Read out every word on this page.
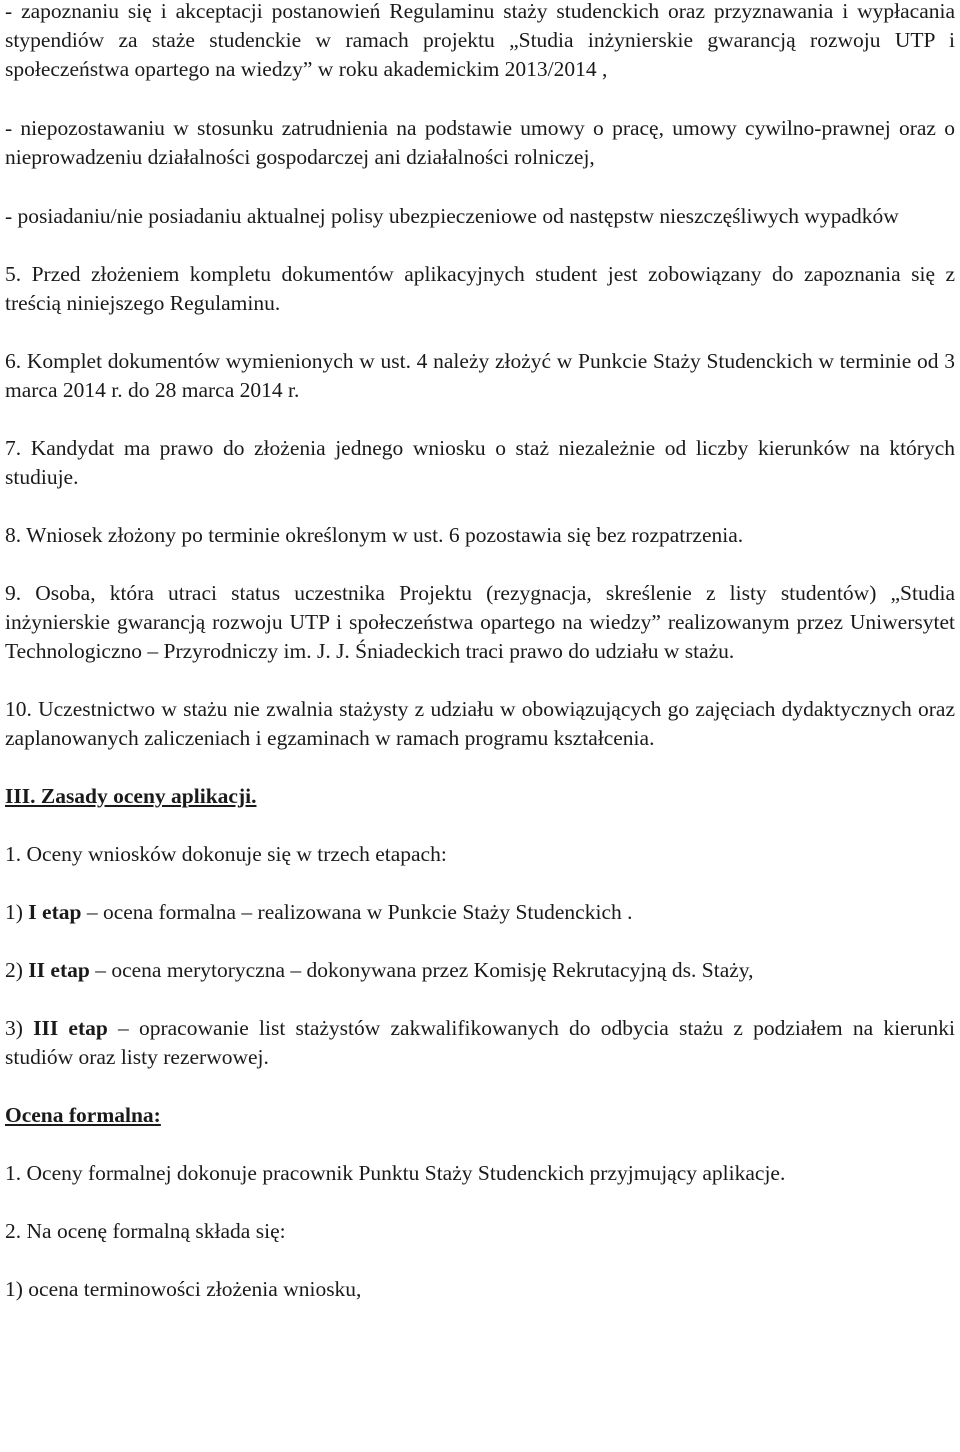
- zapoznaniu się i akceptacji postanowień Regulaminu staży studenckich oraz przyznawania i wypłacania stypendiów za staże studenckie w ramach projektu „Studia inżynierskie gwarancją rozwoju UTP i społeczeństwa opartego na wiedzy” w roku akademickim 2013/2014 ,

- niepozostawaniu w stosunku zatrudnienia na podstawie umowy o pracę, umowy cywilno-prawnej oraz o nieprowadzeniu działalności gospodarczej ani działalności rolniczej,

- posiadaniu/nie posiadaniu aktualnej polisy ubezpieczeniowe od następstw nieszczęśliwych wypadków

5. Przed złożeniem kompletu dokumentów aplikacyjnych student jest zobowiązany do zapoznania się z treścią niniejszego Regulaminu.

6. Komplet dokumentów wymienionych w ust. 4 należy złożyć w Punkcie Staży Studenckich w terminie od 3 marca 2014 r. do 28 marca 2014 r.

7. Kandydat ma prawo do złożenia jednego wniosku o staż niezależnie od liczby kierunków na których studiuje.

8. Wniosek złożony po terminie określonym w ust. 6 pozostawia się bez rozpatrzenia.

9. Osoba, która utraci status uczestnika Projektu (rezygnacja, skreślenie z listy studentów) „Studia inżynierskie gwarancją rozwoju UTP i społeczeństwa opartego na wiedzy” realizowanym przez Uniwersytet Technologiczno – Przyrodniczy im. J. J. Śniadeckich traci prawo do udziału w stażu.

10. Uczestnictwo w stażu nie zwalnia stażysty z udziału w obowiązujących go zajęciach dydaktycznych oraz zaplanowanych zaliczeniach i egzaminach w ramach programu kształcenia.

III. Zasady oceny aplikacji.

1. Oceny wniosków dokonuje się w trzech etapach:

1) I etap – ocena formalna – realizowana w Punkcie Staży Studenckich .

2) II etap – ocena merytoryczna – dokonywana przez Komisję Rekrutacyjną ds. Staży,

3) III etap – opracowanie list stażystów zakwalifikowanych do odbycia stażu z podziałem na kierunki studiów oraz listy rezerwowej.

Ocena formalna:

1. Oceny formalnej dokonuje pracownik Punktu Staży Studenckich przyjmujący aplikacje.

2. Na ocenę formalną składa się:

1) ocena terminowości złożenia wniosku,
